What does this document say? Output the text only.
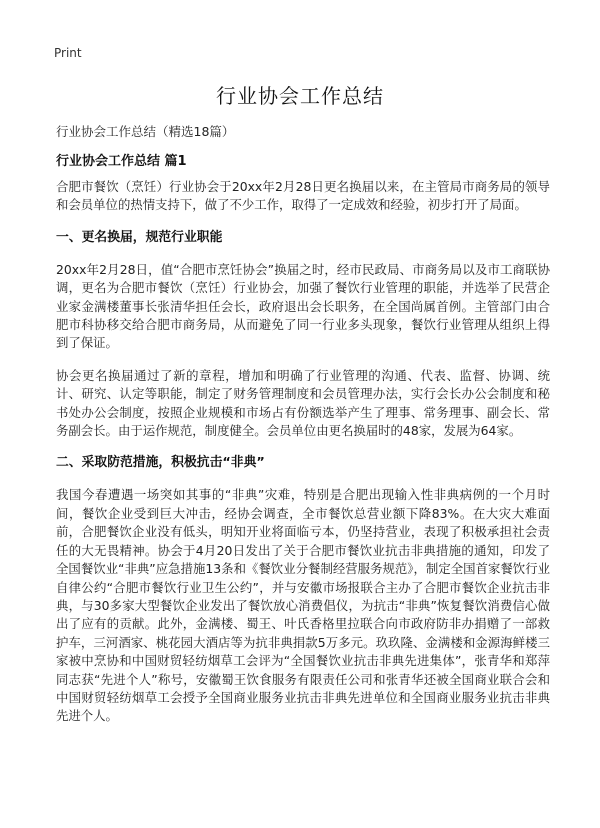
Print
行业协会工作总结
行业协会工作总结（精选18篇）
行业协会工作总结 篇1

合肥市餐饮（烹饪）行业协会于20xx年2月28日更名换届以来，在主管局市商务局的领导和会员单位的热情支持下，做了不少工作，取得了一定成效和经验，初步打开了局面。

一、更名换届，规范行业职能

20xx年2月28日，值“合肥市烹饪协会”换届之时，经市民政局、市商务局以及市工商联协调，更名为合肥市餐饮（烹饪）行业协会，加强了餐饮行业管理的职能，并选举了民营企业家金满楼董事长张清华担任会长，政府退出会长职务，在全国尚属首例。主管部门由合肥市科协移交给合肥市商务局，从而避免了同一行业多头现象，餐饮行业管理从组织上得到了保证。

协会更名换届通过了新的章程，增加和明确了行业管理的沟通、代表、监督、协调、统计、研究、认定等职能，制定了财务管理制度和会员管理办法，实行会长办公会制度和秘书处办公会制度，按照企业规模和市场占有份额选举产生了理事、常务理事、副会长、常务副会长。由于运作规范，制度健全。会员单位由更名换届时的48家，发展为64家。

二、采取防范措施，积极抗击“非典”

我国今春遭遇一场突如其事的“非典”灾难，特别是合肥出现输入性非典病例的一个月时间，餐饮企业受到巨大冲击，经协会调查，全市餐饮总营业额下降83%。在大灾大难面前，合肥餐饮企业没有低头，明知开业将面临亏本，仍坚持营业，表现了积极承担社会责任的大无畏精神。协会于4月20日发出了关于合肥市餐饮业抗击非典措施的通知，印发了全国餐饮业“非典”应急措施13条和《餐饮业分餐制经营服务规范》，制定全国首家餐饮行业自律公约“合肥市餐饮行业卫生公约”，并与安徽市场报联合主办了合肥市餐饮企业抗击非典，与30多家大型餐饮企业发出了餐饮放心消费倡仪，为抗击“非典”恢复餐饮消费信心做出了应有的贡献。此外，金满楼、蜀王、叶氏香格里拉联合向市政府防非办捐赠了一部救护车，三河酒家、桃花园大酒店等为抗非典捐款5万多元。玖玖隆、金满楼和金源海鲜楼三家被中烹协和中国财贸轻纺烟草工会评为“全国餐饮业抗击非典先进集体”，张青华和郑萍同志获“先进个人”称号，安徽蜀王饮食服务有限责任公司和张青华还被全国商业联合会和中国财贸轻纺烟草工会授予全国商业服务业抗击非典先进单位和全国商业服务业抗击非典先进个人。
